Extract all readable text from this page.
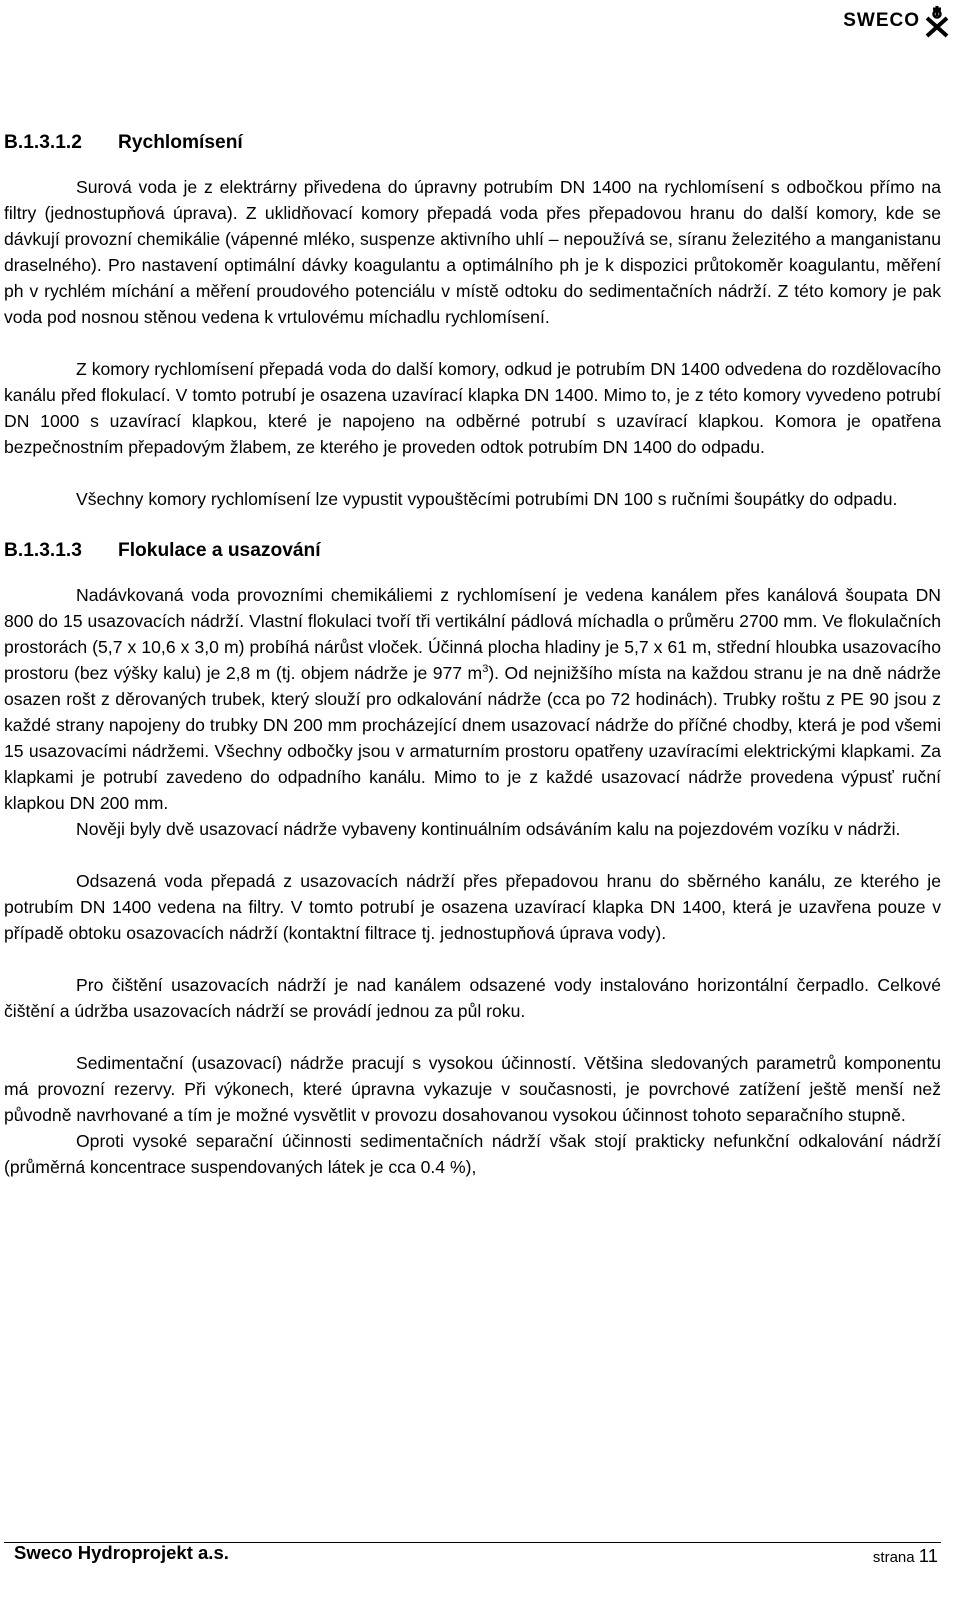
SWECO
B.1.3.1.2 Rychlomísení

Surová voda je z elektrárny přivedena do úpravny potrubím DN 1400 na rychlomísení s odbočkou přímo na filtry (jednostupňová úprava). Z uklidňovací komory přepadá voda přes přepadovou hranu do další komory, kde se dávkují provozní chemikálie (vápenné mléko, suspenze aktivního uhlí – nepoužívá se, síranu železitého a manganistanu draselného). Pro nastavení optimální dávky koagulantu a optimálního ph je k dispozici průtokoměr koagulantu, měření ph v rychlém míchání a měření proudového potenciálu v místě odtoku do sedimentačních nádrží. Z této komory je pak voda pod nosnou stěnou vedena k vrtulovému míchadlu rychlomísení.

Z komory rychlomísení přepadá voda do další komory, odkud je potrubím DN 1400 odvedena do rozdělovacího kanálu před flokulací. V tomto potrubí je osazena uzavírací klapka DN 1400. Mimo to, je z této komory vyvedeno potrubí DN 1000 s uzavírací klapkou, které je napojeno na odběrné potrubí s uzavírací klapkou. Komora je opatřena bezpečnostním přepadovým žlabem, ze kterého je proveden odtok potrubím DN 1400 do odpadu.

Všechny komory rychlomísení lze vypustit vypouštěcími potrubími DN 100 s ručními šoupátky do odpadu.

B.1.3.1.3 Flokulace a usazování

Nadávkovaná voda provozními chemikáliemi z rychlomísení je vedena kanálem přes kanálová šoupata DN 800 do 15 usazovacích nádrží. Vlastní flokulaci tvoří tři vertikální pádlová míchadla o průměru 2700 mm. Ve flokulačních prostorách (5,7 x 10,6 x 3,0 m) probíhá nárůst vloček. Účinná plocha hladiny je 5,7 x 61 m, střední hloubka usazovacího prostoru (bez výšky kalu) je 2,8 m (tj. objem nádrže je 977 $m^3$). Od nejnižšího místa na každou stranu je na dně nádrže osazen rošt z děrovaných trubek, který slouží pro odkalování nádrže (cca po 72 hodinách). Trubky roštu z PE 90 jsou z každé strany napojeny do trubky DN 200 mm procházející dnem usazovací nádrže do příčné chodby, která je pod všemi 15 usazovacími nádržemi. Všechny odbočky jsou v armaturním prostoru opatřeny uzavíracími elektrickými klapkami. Za klapkami je potrubí zavedeno do odpadního kanálu. Mimo to je z každé usazovací nádrže provedena výpusť ruční klapkou DN 200 mm.

Nověji byly dvě usazovací nádrže vybaveny kontinuálním odsáváním kalu na pojezdovém vozíku v nádrži.

Odsazená voda přepadá z usazovacích nádrží přes přepadovou hranu do sběrného kanálu, ze kterého je potrubím DN 1400 vedena na filtry. V tomto potrubí je osazena uzavírací klapka DN 1400, která je uzavřena pouze v případě obtoku osazovacích nádrží (kontaktní filtrace tj. jednostupňová úprava vody).

Pro čištění usazovacích nádrží je nad kanálem odsazené vody instalováno horizontální čerpadlo. Celkové čištění a údržba usazovacích nádrží se provádí jednou za půl roku.

Sedimentační (usazovací) nádrže pracují s vysokou účinností. Většina sledovaných parametrů komponentu má provozní rezervy. Při výkonech, které úpravna vykazuje v současnosti, je povrchové zatížení ještě menší než původně navrhované a tím je možné vysvětlit v provozu dosahovanou vysokou účinnost tohoto separačního stupně.

Oproti vysoké separační účinnosti sedimentačních nádrží však stojí prakticky nefunkční odkalování nádrží (průměrná koncentrace suspendovaných látek je cca 0.4 %),

Sweco Hydroprojekt a.s.	strana 11
